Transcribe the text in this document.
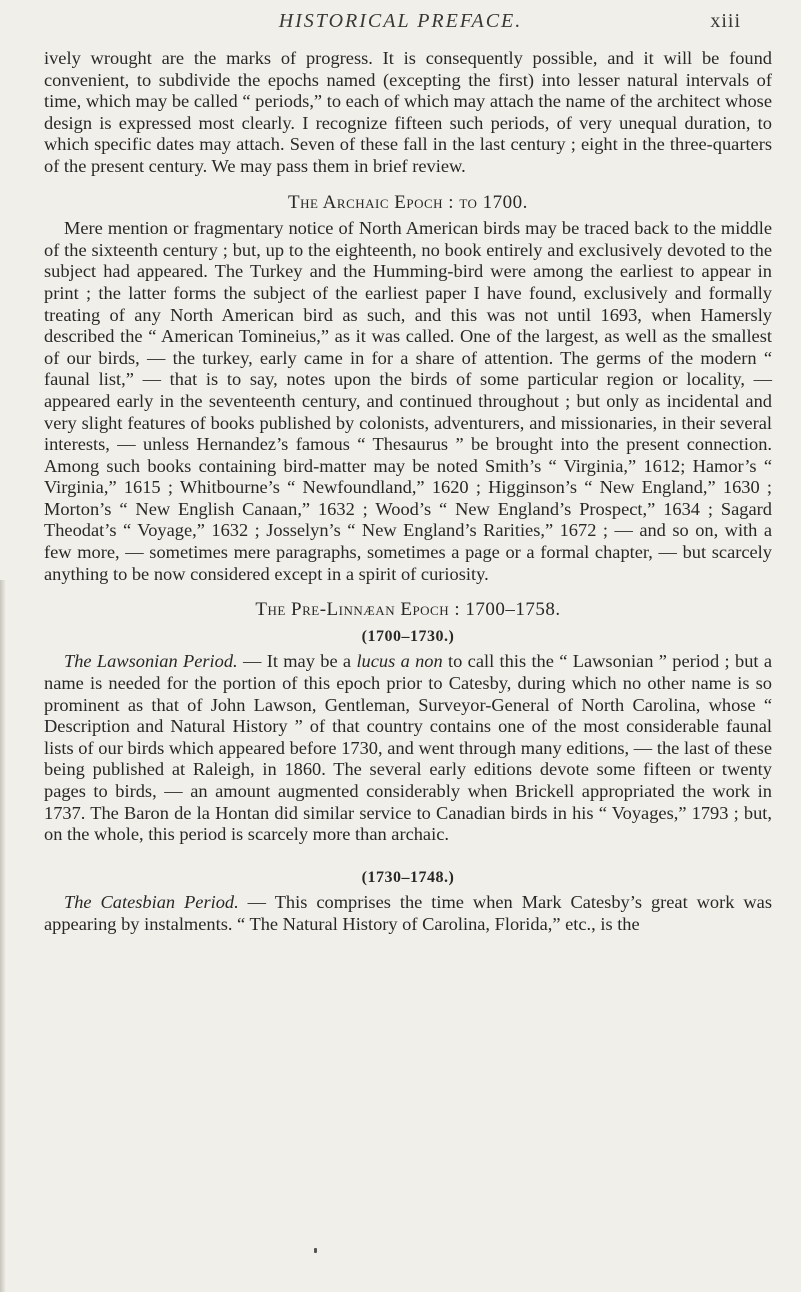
HISTORICAL PREFACE.	xiii

ively wrought are the marks of progress. It is consequently possible, and it will be found convenient, to subdivide the epochs named (excepting the first) into lesser natural intervals of time, which may be called “ periods,” to each of which may attach the name of the architect whose design is expressed most clearly. I recognize fifteen such periods, of very unequal duration, to which specific dates may attach. Seven of these fall in the last century ; eight in the three-quarters of the present century. We may pass them in brief review.

The Archaic Epoch : to 1700.

Mere mention or fragmentary notice of North American birds may be traced back to the middle of the sixteenth century ; but, up to the eighteenth, no book entirely and exclusively devoted to the subject had appeared. The Turkey and the Humming-bird were among the earliest to appear in print ; the latter forms the subject of the earliest paper I have found, exclusively and formally treating of any North American bird as such, and this was not until 1693, when Hamersly described the “ American Tomineius,” as it was called. One of the largest, as well as the smallest of our birds, — the turkey, early came in for a share of attention. The germs of the modern “ faunal list,” — that is to say, notes upon the birds of some particular region or locality, — appeared early in the seventeenth century, and continued throughout ; but only as incidental and very slight features of books published by colonists, adventurers, and missionaries, in their several interests, — unless Hernandez’s famous “ Thesaurus ” be brought into the present connection. Among such books containing bird-matter may be noted Smith’s “ Virginia,” 1612; Hamor’s “ Virginia,” 1615 ; Whitbourne’s “ Newfoundland,” 1620 ; Higginson’s “ New England,” 1630 ; Morton’s “ New English Canaan,” 1632 ; Wood’s “ New England’s Prospect,” 1634 ; Sagard Theodat’s “ Voyage,” 1632 ; Josselyn’s “ New England’s Rarities,” 1672 ; — and so on, with a few more, — sometimes mere paragraphs, sometimes a page or a formal chapter, — but scarcely anything to be now considered except in a spirit of curiosity.

The Pre-Linnæan Epoch : 1700–1758.
(1700–1730.)

The Lawsonian Period. — It may be a lucus a non to call this the “ Lawsonian ” period ; but a name is needed for the portion of this epoch prior to Catesby, during which no other name is so prominent as that of John Lawson, Gentleman, Surveyor-General of North Carolina, whose “ Description and Natural History ” of that country contains one of the most considerable faunal lists of our birds which appeared before 1730, and went through many editions, — the last of these being published at Raleigh, in 1860. The several early editions devote some fifteen or twenty pages to birds, — an amount augmented considerably when Brickell appropriated the work in 1737. The Baron de la Hontan did similar service to Canadian birds in his “ Voyages,” 1793 ; but, on the whole, this period is scarcely more than archaic.

(1730–1748.)

The Catesbian Period. — This comprises the time when Mark Catesby’s great work was appearing by instalments. “ The Natural History of Carolina, Florida,” etc., is the
